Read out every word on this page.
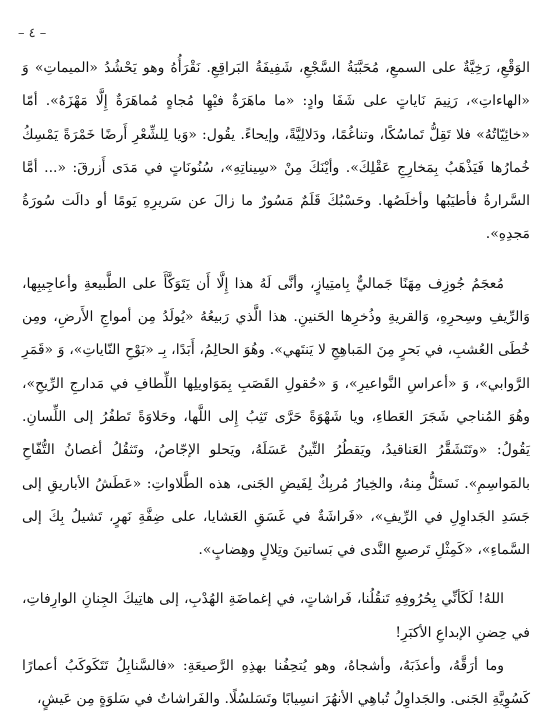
– ٤ –

الوَقْعِ، رَخِيَّةٌ على السمعِ، مُحَبَّبَةُ السَّجْعِ، شَفِيفَةُ البَراقِعِ. نَقْرَأُهُ وهو يَحْشُدُ «الميماتِ» وَ «الهاءاتِ»، رَنِيمَ نَاياتٍ على شَفَا وادٍ: «ما ماهَرَةٌ فيْهِا مُجاهٍ مُماهَرَةٌ إِلَّا مَهْزَهُ». أمّا «خائِيّاتُهُ» فلا تَقِلُّ تَماسُكًا، وتناغُمًا، ودَلالِيَّةً، وإيحاءً. يقُول: «وَيا لِلشِّعْرِ أَرضًا خَمْرَةً يَمْسِكُ خُمارُها فَيَذْهَبُ بِمَخارِجِ عَقْلِكَ». وأيْنَكَ مِنْ «سِيناتِهِ»، سُنُونَاتٍ في مَدَى أَزرقَ: «... أمَّا السَّرارةُ فأطيَبُها وأخلَصُها. وحَسْبُكَ قَلَمٌ مَسُورٌ ما زالَ عن سَريرِهِ يَومًا أو دالَت سُورَةُ مَجدِهِ».

مُعجَمُ جُوزِف مِهَنًا جَماليٌّ بِامتِيازٍ، وأنَّى لَهُ هذا إِلَّا أَن يَتَوَكَّأَ على الطَّبيعةِ وأعاجِيبِها، وَالرِّيفِ وسِحرِهِ، وَالقريةِ وذُخرِها الحَنينِ. هذا الَّذي رَبيعُهُ «يُولَدُ مِن أمواجِ الأَرضِ، ومِن خُطَى العُشبِ، في بَحرٍ مِنَ المَباهِجِ لا يَنتَهي». وهُوَ الحالِمُ، أَبَدًا، بِـ «بَوْحِ النّاياتِ»، وَ «قَمَرِ الرَّوابي»، وَ «أعراسِ النَّواعيرِ»، وَ «حُقولِ القَصَبِ بِمَوَاويلِها اللِّطافِ في مَدارجِ الرِّيحِ»، وهُوَ المُناجي شَجَرَ العَطاءِ، ويا شَهْوَةً حَرَّى تَثِبُ إِلى اللَّها، وحَلاوَةً تَطفُرُ إلى اللِّسانِ. يَقُولُ: «وتَتَشَقَّرُ العَناقيدُ، ويَقطُرُ التِّينُ عَسَلَهُ، ويَحلو الإجّاصُ، وتَثقُلُ أغصانُ التُّفّاحِ بالمَواسِمِ». نَستَلُّ مِنهُ، والخِيارُ مُربِكٌ لِفَيضِ الجَنى، هذه الطَّلاواتِ: «عَطَشُ الأباريقِ إلى جَسَدِ الجَداوِلِ في الرِّيفِ»، «فَراشَةٌ في غَسَقِ العَشايا، على ضِفَّةِ نَهرٍ، تَشيلُ بِكَ إلى السَّماءِ»، «كَمِثْلِ تَرصيعِ النَّدى في بَساتينَ وتِلالٍ وهِضابٍ».

اللهُ! لَكَأنِّي بِحُرُوفِهِ تَنقُلُنا، فَراشاتٍ، في إغماضَةِ الهُدْبِ، إلى هاتِيكَ الجِنانِ الوارِفاتِ، في حِضنِ الإبداعِ الأكبَرِ!

وما أرَقَّهُ، وأعذَبَهُ، وأشجاهُ، وهو يُتحِفُنا بهذِهِ الرَّصيعَةِ: «فالسَّنابِلُ تَتَكَوكَبُ أعمارًا كَسُوِيَّةِ الجَنى. والجَداوِلُ تُباهِي الأنهُرَ انسِيابًا وتَسَلسُلًا. والفَراشاتُ في سَلوَةٍ مِن عَيشٍ،
